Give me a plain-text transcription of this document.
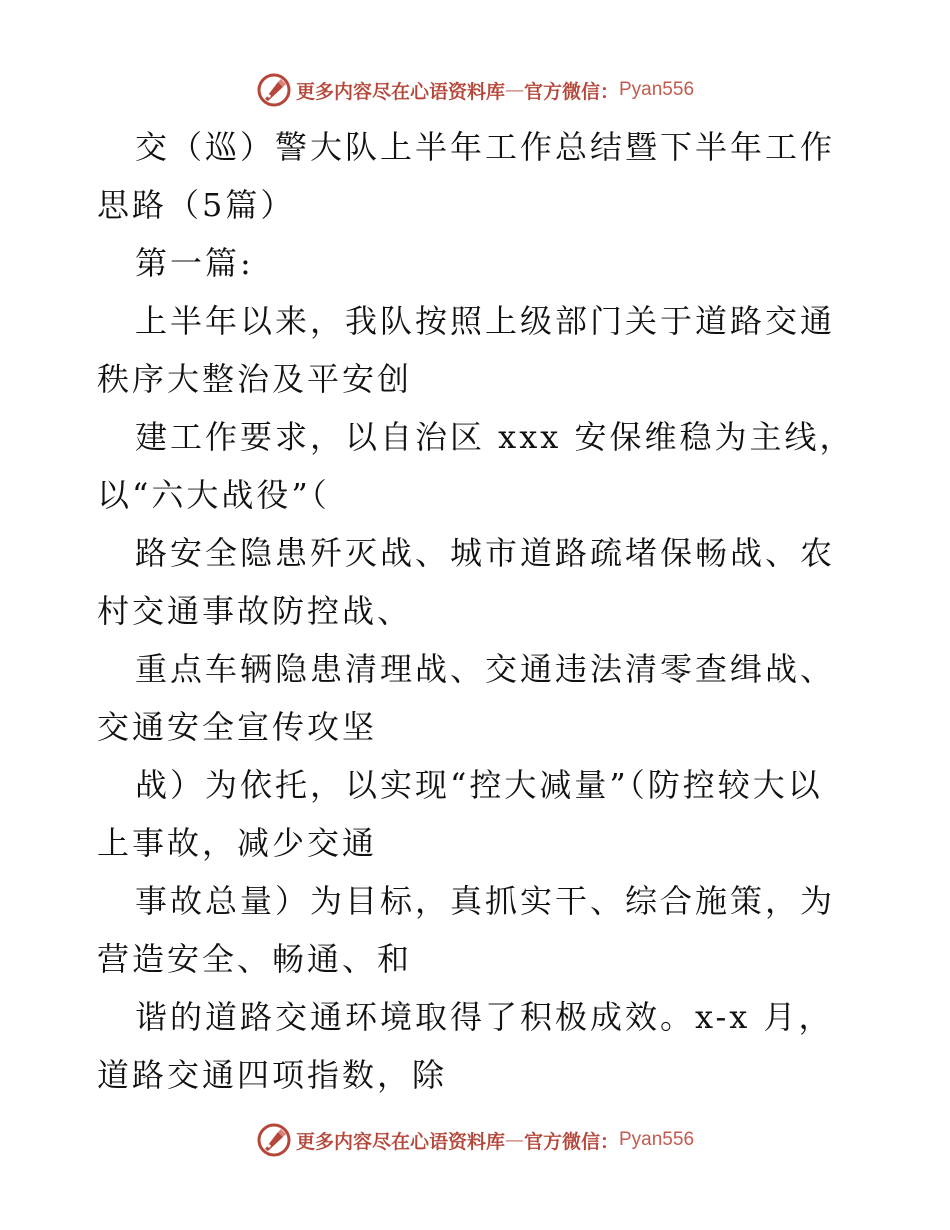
更多内容尽在心语资料库 — 官方微信： Pyan556

交（巡）警大队上半年工作总结暨下半年工作思路（5篇）

第一篇:

上半年以来，我队按照上级部门关于道路交通秩序大整治及平安创

建工作要求，以自治区 xxx 安保维稳为主线，以“六大战役”（

路安全隐患歼灭战、城市道路疏堵保畅战、农村交通事故防控战、

重点车辆隐患清理战、交通违法清零查缉战、交通安全宣传攻坚

战）为依托，以实现“控大减量”（防控较大以上事故，减少交通

事故总量）为目标，真抓实干、综合施策，为营造安全、畅通、和

谐的道路交通环境取得了积极成效。x-x 月，道路交通四项指数，除

更多内容尽在心语资料库 — 官方微信： Pyan556
